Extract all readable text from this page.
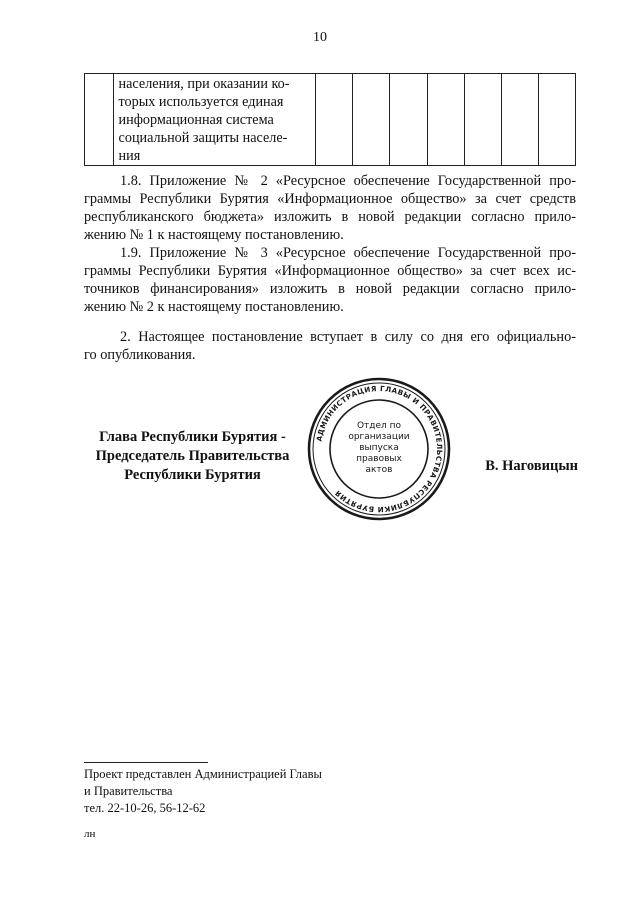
10

населения, при оказании ко-
торых используется единая
информационная система
социальной защиты населе-
ния

1.8. Приложение № 2 «Ресурсное обеспечение Государственной про-
граммы Республики Бурятия «Информационное общество» за счет средств
республиканского бюджета» изложить в новой редакции согласно прило-
жению № 1 к настоящему постановлению.
1.9. Приложение № 3 «Ресурсное обеспечение Государственной про-
граммы Республики Бурятия «Информационное общество» за счет всех ис-
точников финансирования» изложить в новой редакции согласно прило-
жению № 2 к настоящему постановлению.
2. Настоящее постановление вступает в силу со дня его официально-
го опубликования.
Глава Республики Бурятия -
Председатель Правительства
Республики Бурятия
В. Наговицын
АДМИНИСТРАЦИЯ ГЛАВЫ И ПРАВИТЕЛЬСТВА РЕСПУБЛИКИ БУРЯТИЯ
Отдел по
организации
выпуска
правовых
актов
Проект представлен Администрацией Главы
и Правительства
тел. 22-10-26, 56-12-62
лн
